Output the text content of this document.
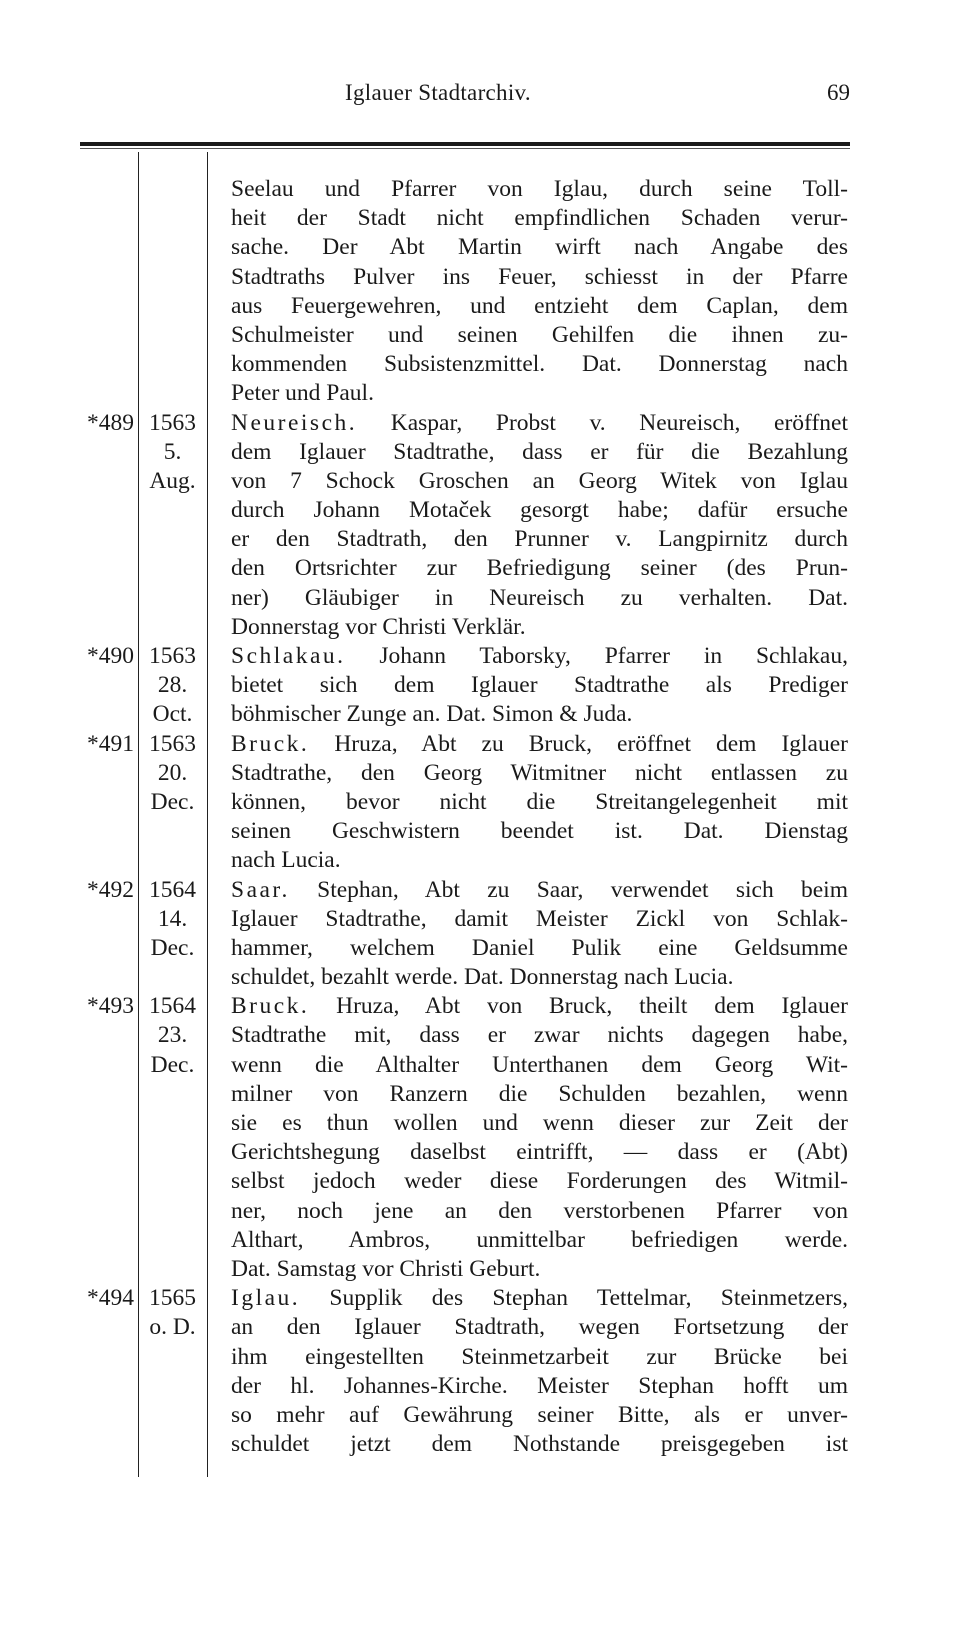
Iglauer Stadtarchiv.	69
Seelau und Pfarrer von Iglau, durch seine Toll-
heit der Stadt nicht empfindlichen Schaden verur-
sache. Der Abt Martin wirft nach Angabe des
Stadtraths Pulver ins Feuer, schiesst in der Pfarre
aus Feuergewehren, und entzieht dem Caplan, dem
Schulmeister und seinen Gehilfen die ihnen zu-
kommenden Subsistenzmittel. Dat. Donnerstag nach
Peter und Paul.
*489 1563	Neureisch. Kaspar, Probst v. Neureisch, eröffnet
5.	dem Iglauer Stadtrathe, dass er für die Bezahlung
Aug.	von 7 Schock Groschen an Georg Witek von Iglau
durch Johann Motaček gesorgt habe; dafür ersuche
er den Stadtrath, den Prunner v. Langpirnitz durch
den Ortsrichter zur Befriedigung seiner (des Prun-
ner) Gläubiger in Neureisch zu verhalten. Dat.
Donnerstag vor Christi Verklär.
*490 1563	Schlakau. Johann Taborsky, Pfarrer in Schlakau,
28.	bietet sich dem Iglauer Stadtrathe als Prediger
Oct.	böhmischer Zunge an. Dat. Simon & Juda.
*491 1563	Bruck. Hruza, Abt zu Bruck, eröffnet dem Iglauer
20.	Stadtrathe, den Georg Witmitner nicht entlassen zu
Dec.	können, bevor nicht die Streitangelegenheit mit
seinen Geschwistern beendet ist. Dat. Dienstag
nach Lucia.
*492 1564	Saar. Stephan, Abt zu Saar, verwendet sich beim
14.	Iglauer Stadtrathe, damit Meister Zickl von Schlak-
Dec.	hammer, welchem Daniel Pulik eine Geldsumme
schuldet, bezahlt werde. Dat. Donnerstag nach Lucia.
*493 1564	Bruck. Hruza, Abt von Bruck, theilt dem Iglauer
23.	Stadtrathe mit, dass er zwar nichts dagegen habe,
Dec.	wenn die Althalter Unterthanen dem Georg Wit-
milner von Ranzern die Schulden bezahlen, wenn
sie es thun wollen und wenn dieser zur Zeit der
Gerichtshegung daselbst eintrifft, — dass er (Abt)
selbst jedoch weder diese Forderungen des Witmil-
ner, noch jene an den verstorbenen Pfarrer von
Althart, Ambros, unmittelbar befriedigen werde.
Dat. Samstag vor Christi Geburt.
*494 1565	Iglau. Supplik des Stephan Tettelmar, Steinmetzers,
o. D.	an den Iglauer Stadtrath, wegen Fortsetzung der
ihm eingestellten Steinmetzarbeit zur Brücke bei
der hl. Johannes-Kirche. Meister Stephan hofft um
so mehr auf Gewährung seiner Bitte, als er unver-
schuldet jetzt dem Nothstande preisgegeben ist
